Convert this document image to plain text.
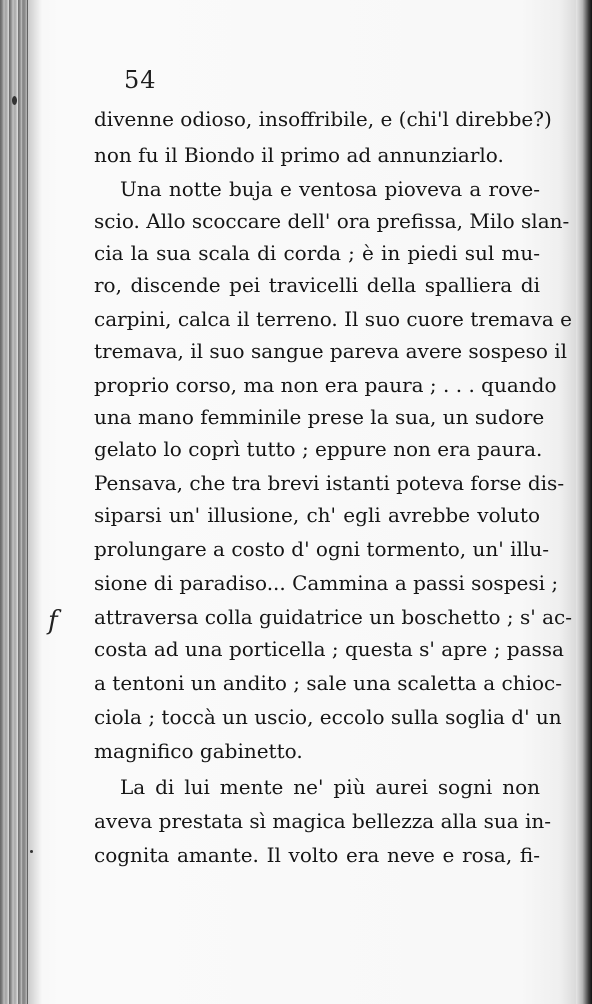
54
f
divenne odioso, insoffribile, e (chi'l direbbe?)
non fu il Biondo il primo ad annunziarlo.
Una notte buja e ventosa pioveva a rove-
scio. Allo scoccare dell' ora prefissa, Milo slan-
cia la sua scala di corda ; è in piedi sul mu-
ro, discende pei travicelli della spalliera di
carpini, calca il terreno. Il suo cuore tremava e
tremava, il suo sangue pareva avere sospeso il
proprio corso, ma non era paura ; . . . quando
una mano femminile prese la sua, un sudore
gelato lo coprì tutto ; eppure non era paura.
Pensava, che tra brevi istanti poteva forse dis-
siparsi un' illusione, ch' egli avrebbe voluto
prolungare a costo d' ogni tormento, un' illu-
sione di paradiso... Cammina a passi sospesi ;
attraversa colla guidatrice un boschetto ; s' ac-
costa ad una porticella ; questa s' apre ; passa
a tentoni un andito ; sale una scaletta a chioc-
ciola ; toccà un uscio, eccolo sulla soglia d' un
magnifico gabinetto.
La di lui mente ne' più aurei sogni non
aveva prestata sì magica bellezza alla sua in-
cognita amante. Il volto era neve e rosa, fi-
